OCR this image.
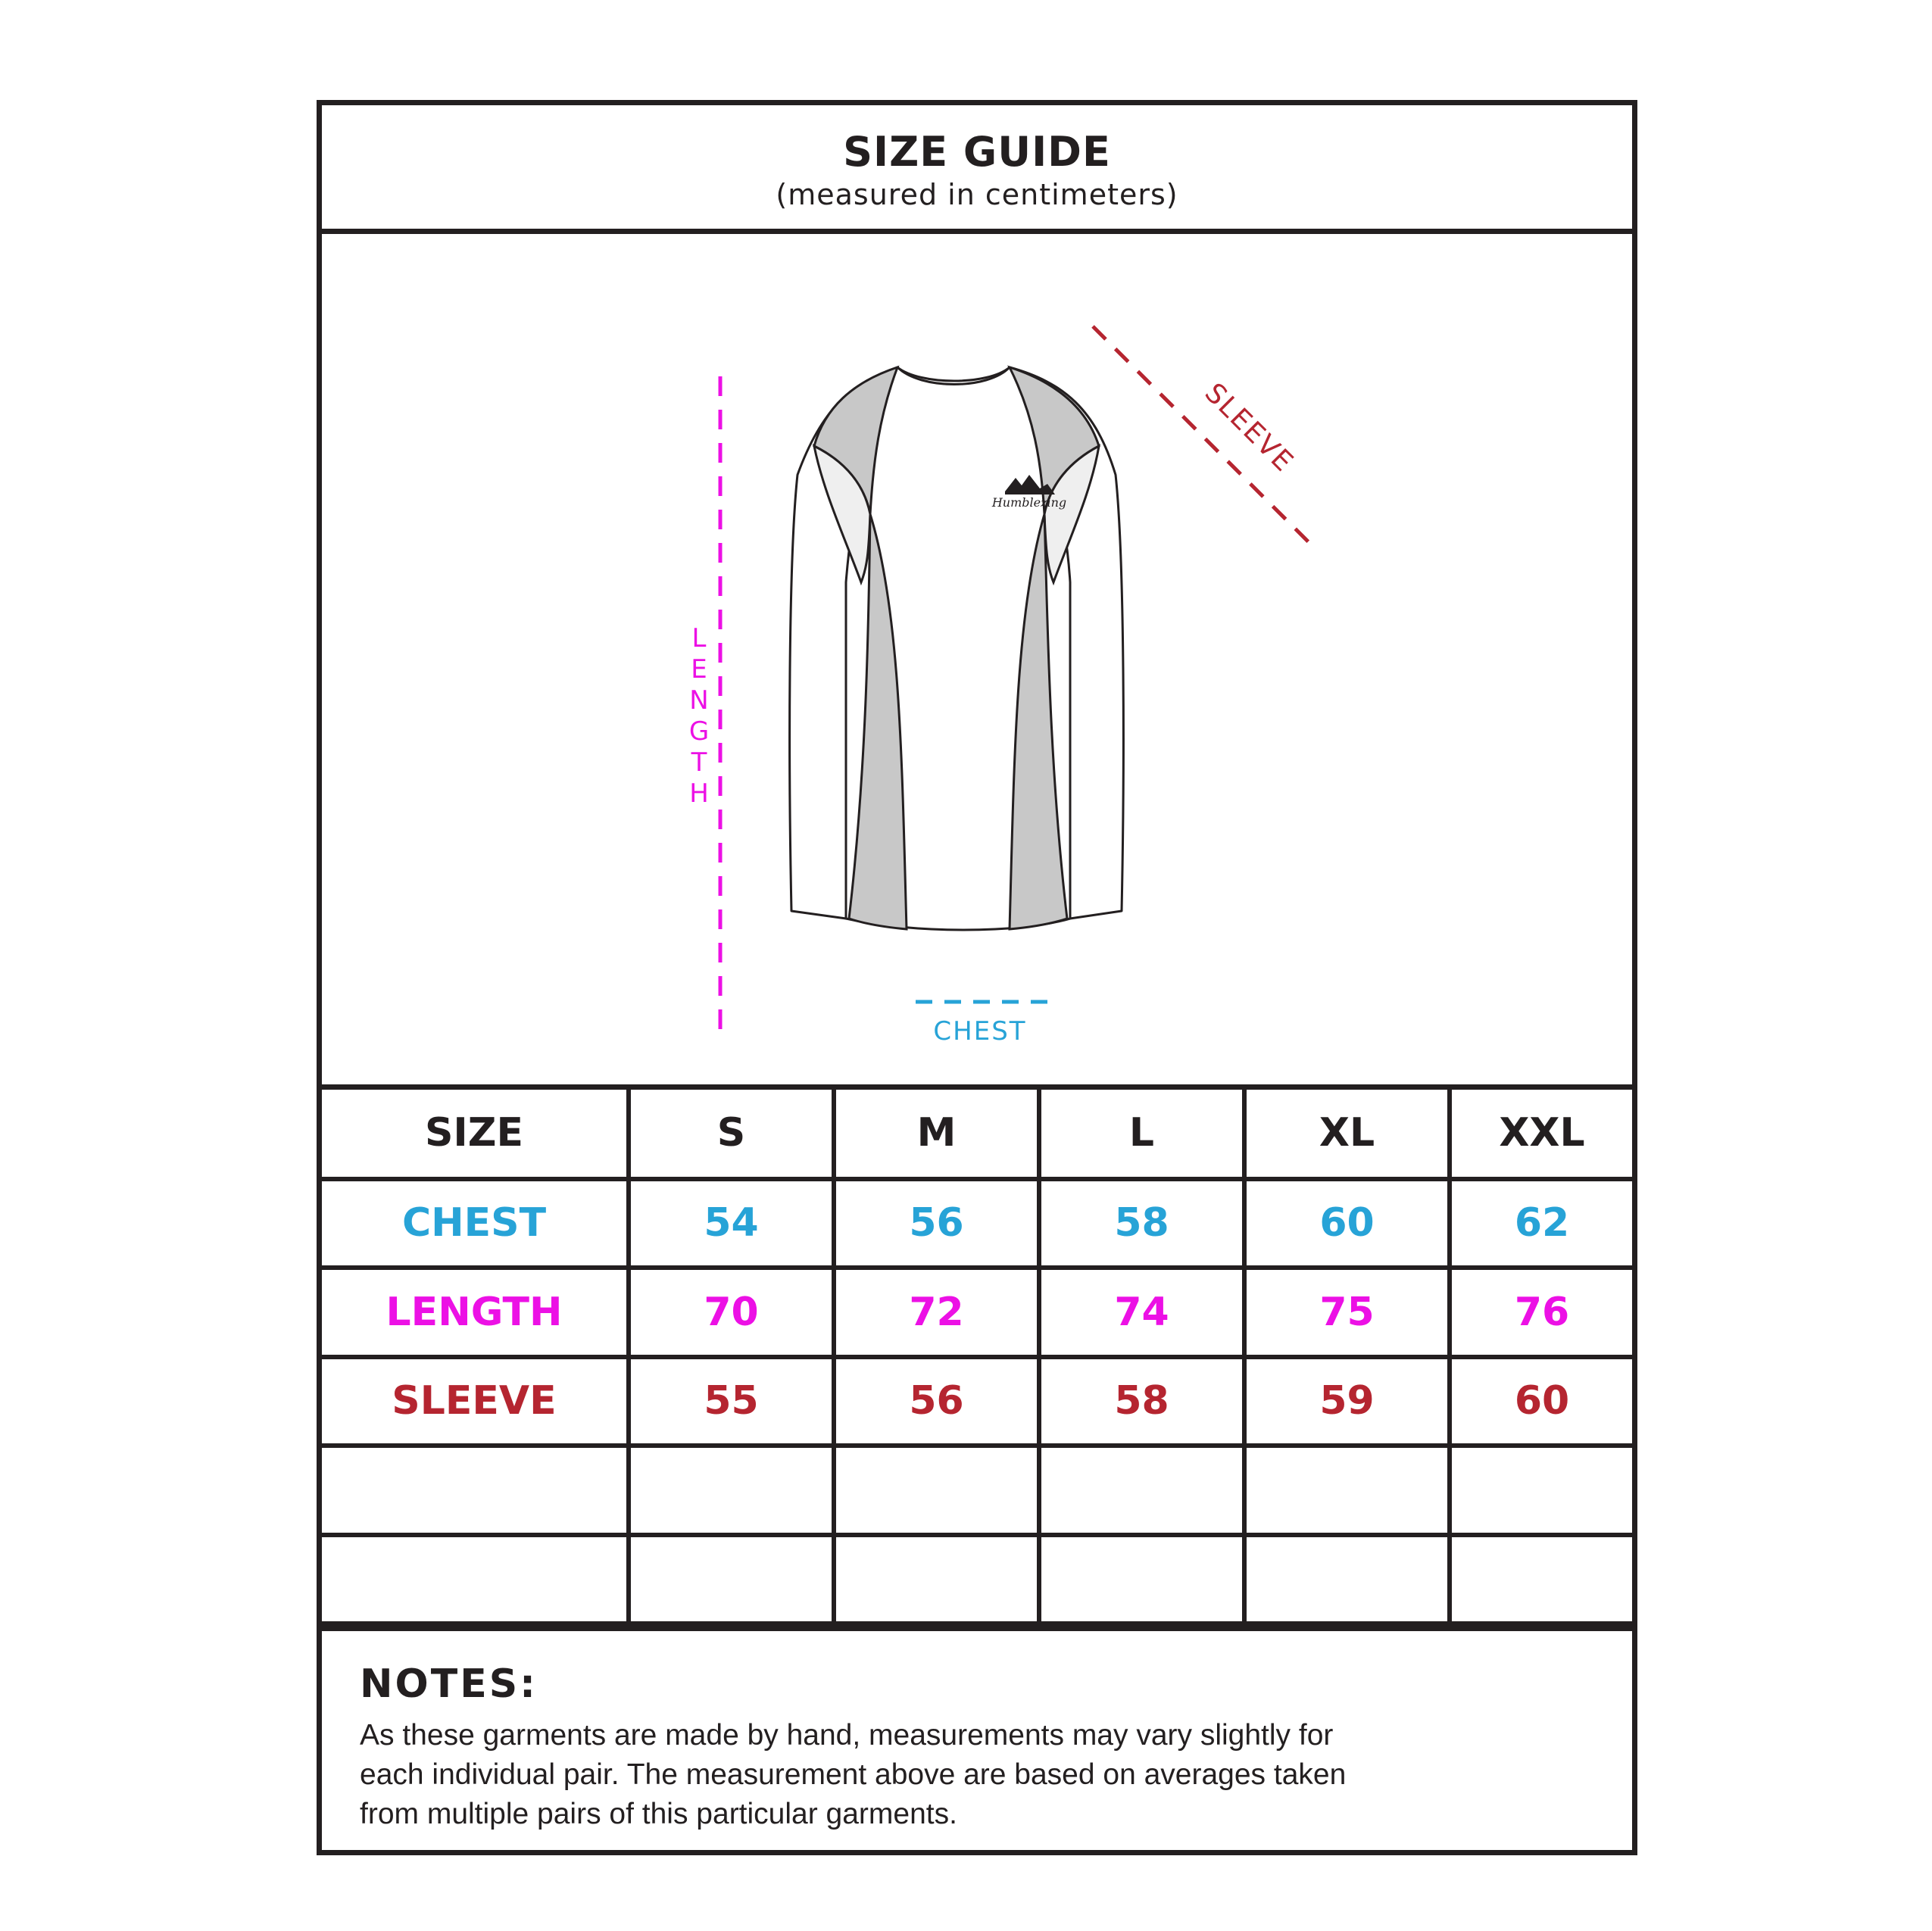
SIZE GUIDE
(measured in centimeters)
L
E
N
G
T
H
SLEEVE
CHEST
Humblezing
SIZE	S	M	L	XL	XXL
CHEST	54	56	58	60	62
LENGTH	70	72	74	75	76
SLEEVE	55	56	58	59	60

NOTES:
As these garments are made by hand, measurements may vary slightly for
each individual pair. The measurement above are based on averages taken
from multiple pairs of this particular garments.
